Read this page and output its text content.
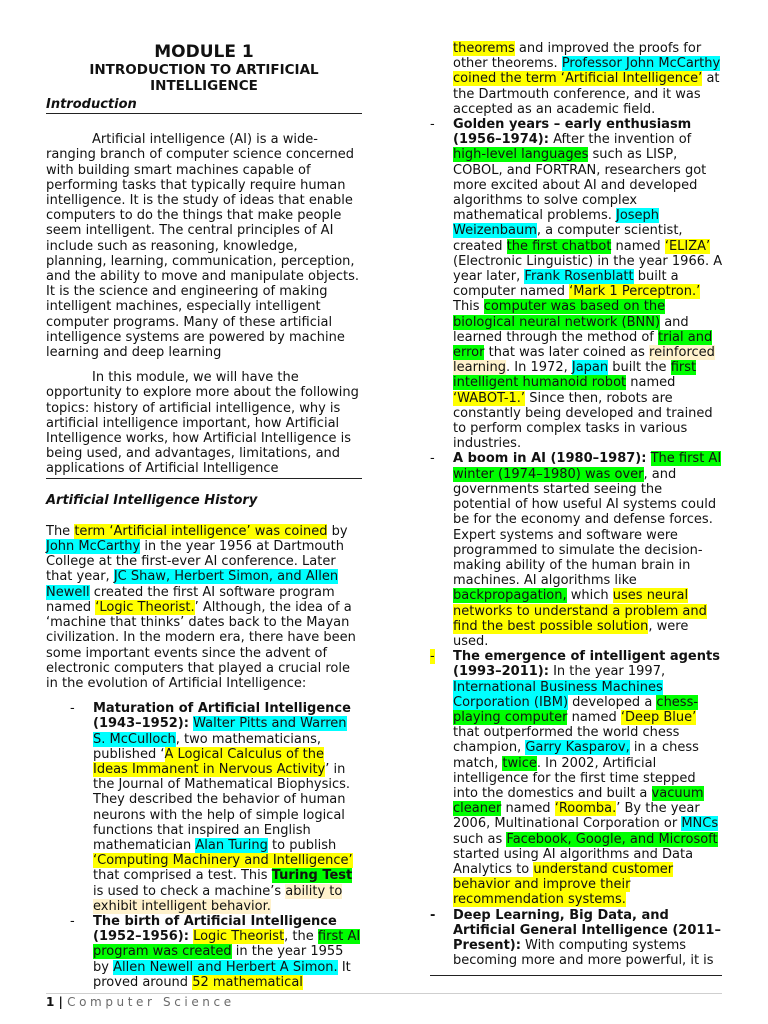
MODULE 1

INTRODUCTION TO ARTIFICIAL INTELLIGENCE

Introduction

Artificial intelligence (AI) is a wide-ranging branch of computer science concerned with building smart machines capable of performing tasks that typically require human intelligence. It is the study of ideas that enable computers to do the things that make people seem intelligent. The central principles of AI include such as reasoning, knowledge, planning, learning, communication, perception, and the ability to move and manipulate objects. It is the science and engineering of making intelligent machines, especially intelligent computer programs. Many of these artificial intelligence systems are powered by machine learning and deep learning

In this module, we will have the opportunity to explore more about the following topics: history of artificial intelligence, why is artificial intelligence important, how Artificial Intelligence works, how Artificial Intelligence is being used, and advantages, limitations, and applications of Artificial Intelligence

Artificial Intelligence History

The term ‘Artificial intelligence’ was coined by John McCarthy in the year 1956 at Dartmouth College at the first-ever AI conference. Later that year, JC Shaw, Herbert Simon, and Allen Newell created the first AI software program named ‘Logic Theorist.’ Although, the idea of a ‘machine that thinks’ dates back to the Mayan civilization. In the modern era, there have been some important events since the advent of electronic computers that played a crucial role in the evolution of Artificial Intelligence:

- Maturation of Artificial Intelligence (1943–1952): Walter Pitts and Warren S. McCulloch, two mathematicians, published ‘A Logical Calculus of the Ideas Immanent in Nervous Activity’ in the Journal of Mathematical Biophysics. They described the behavior of human neurons with the help of simple logical functions that inspired an English mathematician Alan Turing to publish ‘Computing Machinery and Intelligence’ that comprised a test. This Turing Test is used to check a machine’s ability to exhibit intelligent behavior.
- The birth of Artificial Intelligence (1952–1956): Logic Theorist, the first AI program was created in the year 1955 by Allen Newell and Herbert A Simon. It proved around 52 mathematical

theorems and improved the proofs for other theorems. Professor John McCarthy coined the term ‘Artificial Intelligence’ at the Dartmouth conference, and it was accepted as an academic field.

- Golden years – early enthusiasm (1956–1974): After the invention of high-level languages such as LISP, COBOL, and FORTRAN, researchers got more excited about AI and developed algorithms to solve complex mathematical problems. Joseph Weizenbaum, a computer scientist, created the first chatbot named ‘ELIZA’ (Electronic Linguistic) in the year 1966. A year later, Frank Rosenblatt built a computer named ‘Mark 1 Perceptron.’ This computer was based on the biological neural network (BNN) and learned through the method of trial and error that was later coined as reinforced learning. In 1972, Japan built the first intelligent humanoid robot named ‘WABOT-1.’ Since then, robots are constantly being developed and trained to perform complex tasks in various industries.
- A boom in AI (1980–1987): The first AI winter (1974–1980) was over, and governments started seeing the potential of how useful AI systems could be for the economy and defense forces. Expert systems and software were programmed to simulate the decision-making ability of the human brain in machines. AI algorithms like backpropagation, which uses neural networks to understand a problem and find the best possible solution, were used.
- The emergence of intelligent agents (1993–2011): In the year 1997, International Business Machines Corporation (IBM) developed a chess-playing computer named ‘Deep Blue’ that outperformed the world chess champion, Garry Kasparov, in a chess match, twice. In 2002, Artificial intelligence for the first time stepped into the domestics and built a vacuum cleaner named ‘Roomba.’ By the year 2006, Multinational Corporation or MNCs such as Facebook, Google, and Microsoft started using AI algorithms and Data Analytics to understand customer behavior and improve their recommendation systems.
- Deep Learning, Big Data, and Artificial General Intelligence (2011–Present): With computing systems becoming more and more powerful, it is
1 | Computer Science
